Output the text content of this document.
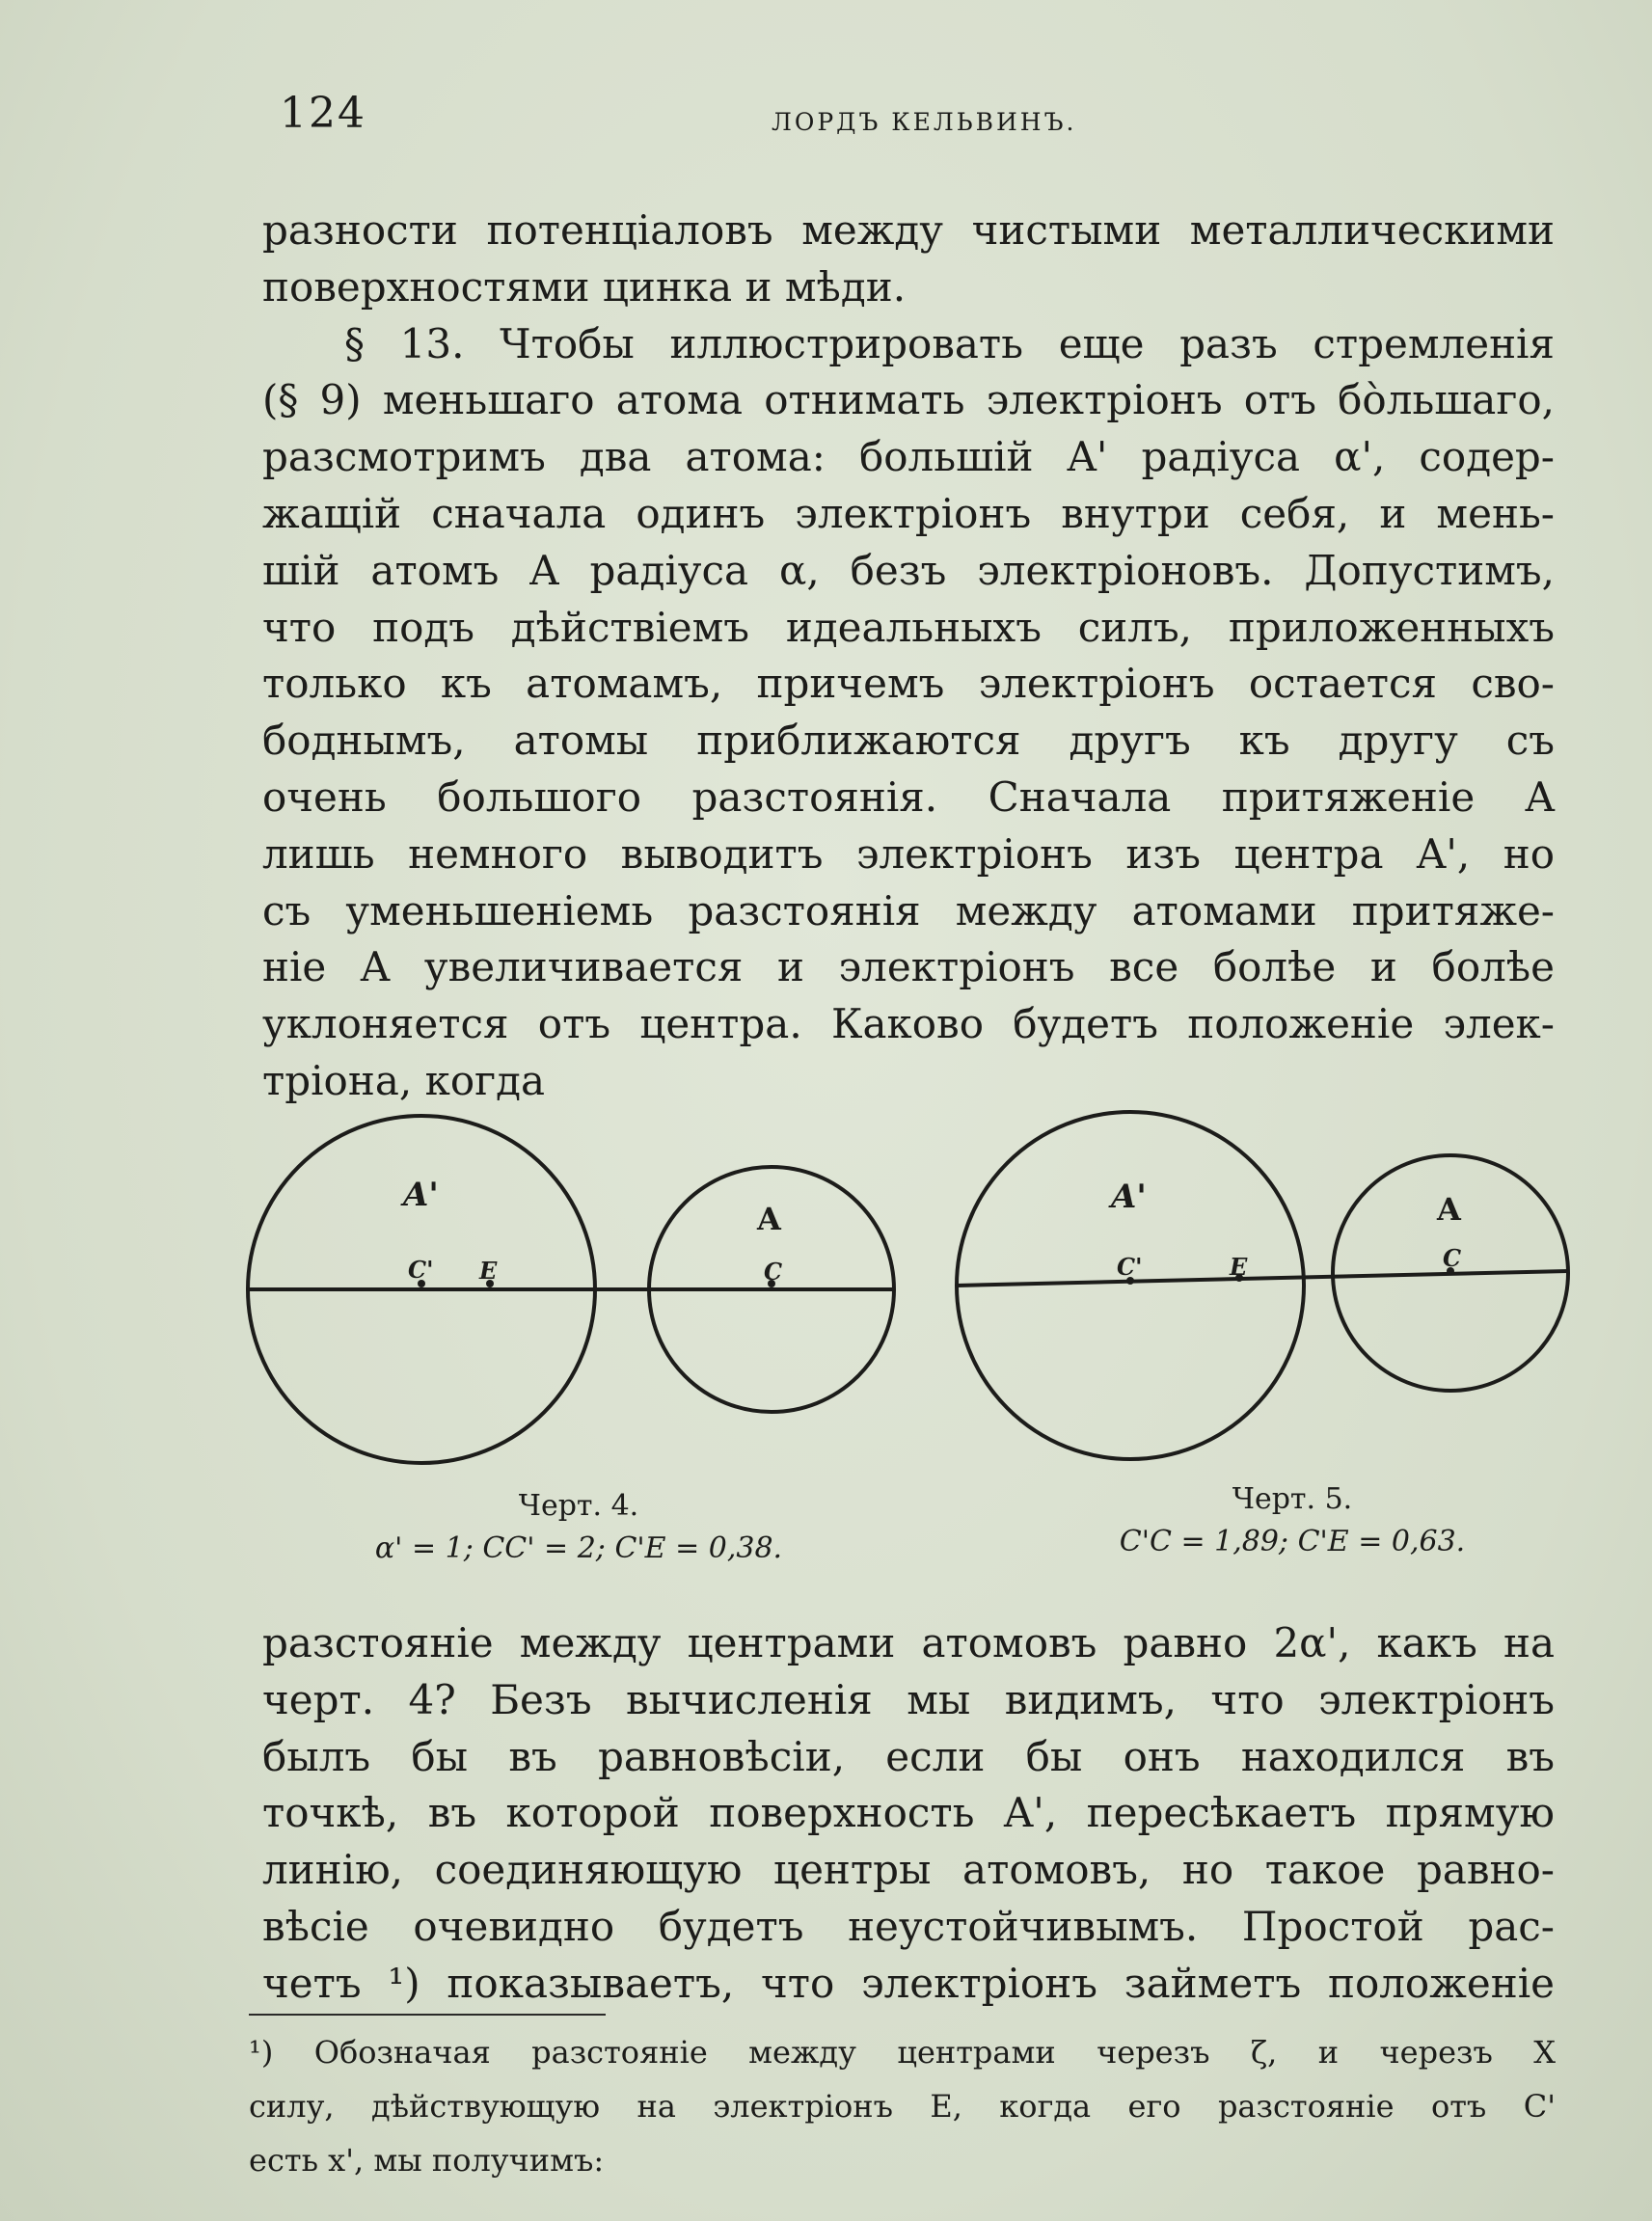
124	ЛОРДЪ КЕЛЬВИНЪ.
разности потенціаловъ между чистыми металлическими
поверхностями цинка и мѣди.
§ 13. Чтобы иллюстрировать еще разъ стремленія
(§ 9) меньшаго атома отнимать электріонъ отъ бо̀льшаго,
разсмотримъ два атома: большій A' радіуса α', содер-
жащій сначала одинъ электріонъ внутри себя, и мень-
шій атомъ A радіуса α, безъ электріоновъ. Допустимъ,
что подъ дѣйствіемъ идеальныхъ силъ, приложенныхъ
только къ атомамъ, причемъ электріонъ остается сво-
боднымъ, атомы приближаются другъ къ другу съ
очень большого разстоянія. Сначала притяженіе A
лишь немного выводитъ электріонъ изъ центра A', но
съ уменьшеніемь разстоянія между атомами притяже-
ніе A увеличивается и электріонъ все болѣе и болѣе
уклоняется отъ центра. Каково будетъ положеніе элек-
тріона, когда
A'
A
C' E	C
A'	A
C'	E	C
Черт. 4.
α' = 1; CC' = 2; C'E = 0,38.
Черт. 5.
C'C = 1,89; C'E = 0,63.
разстояніе между центрами атомовъ равно 2α', какъ на
черт. 4? Безъ вычисленія мы видимъ, что электріонъ
былъ бы въ равновѣсіи, если бы онъ находился въ
точкѣ, въ которой поверхность A', пересѣкаетъ прямую
линію, соединяющую центры атомовъ, но такое равно-
вѣсіе очевидно будетъ неустойчивымъ. Простой рас-
четъ ¹) показываетъ, что электріонъ займетъ положеніе
¹) Обозначая разстояніе между центрами черезъ ζ, и черезъ X
силу, дѣйствующую на электріонъ E, когда его разстояніе отъ C'
есть x', мы получимъ:
